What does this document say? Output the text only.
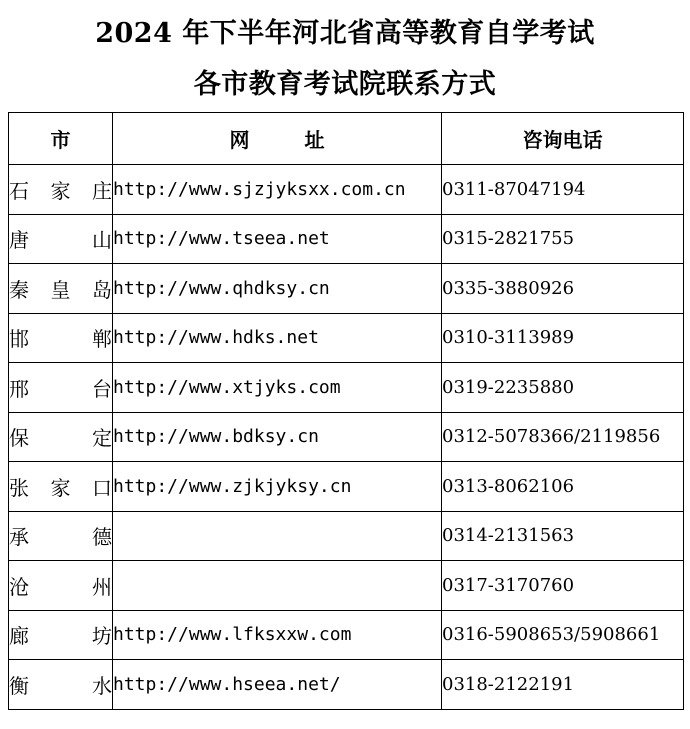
2024 年下半年河北省高等教育自学考试
各市教育考试院联系方式
市	网 址	咨询电话
石家庄	http://www.sjzjyksxx.com.cn	0311-87047194
唐 山	http://www.tseea.net	0315-2821755
秦皇岛	http://www.qhdksy.cn	0335-3880926
邯 郸	http://www.hdks.net	0310-3113989
邢 台	http://www.xtjyks.com	0319-2235880
保 定	http://www.bdksy.cn	0312-5078366/2119856
张家口	http://www.zjkjyksy.cn	0313-8062106
承 德		0314-2131563
沧 州		0317-3170760
廊 坊	http://www.lfksxxw.com	0316-5908653/5908661
衡 水	http://www.hseea.net/	0318-2122191
